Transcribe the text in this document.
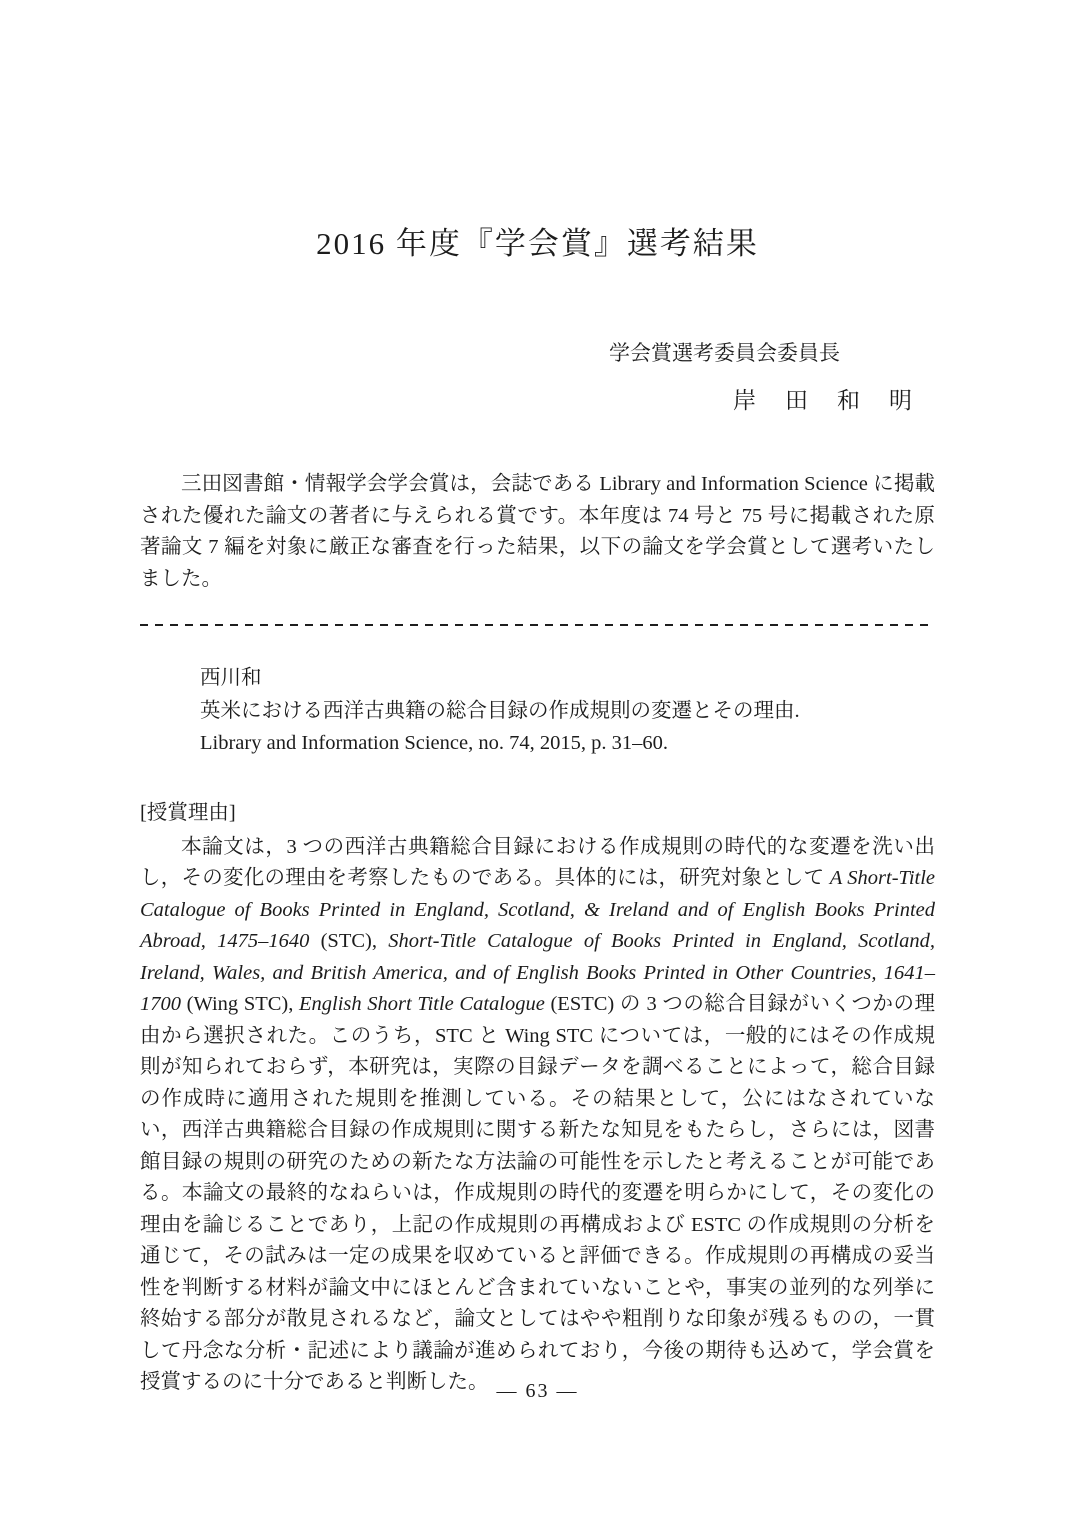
2016 年度『学会賞』選考結果
学会賞選考委員会委員長
岸　田　和　明

三田図書館・情報学会学会賞は，会誌である Library and Information Science に掲載された優れた論文の著者に与えられる賞です。本年度は 74 号と 75 号に掲載された原著論文 7 編を対象に厳正な審査を行った結果，以下の論文を学会賞として選考いたしました。

西川和
英米における西洋古典籍の総合目録の作成規則の変遷とその理由.
Library and Information Science, no. 74, 2015, p. 31–60.
[授賞理由]

本論文は，3 つの西洋古典籍総合目録における作成規則の時代的な変遷を洗い出し，その変化の理由を考察したものである。具体的には，研究対象として A Short-Title Catalogue of Books Printed in England, Scotland, & Ireland and of English Books Printed Abroad, 1475–1640 (STC), Short-Title Catalogue of Books Printed in England, Scotland, Ireland, Wales, and British America, and of English Books Printed in Other Countries, 1641–1700 (Wing STC), English Short Title Catalogue (ESTC) の 3 つの総合目録がいくつかの理由から選択された。このうち，STC と Wing STC については，一般的にはその作成規則が知られておらず，本研究は，実際の目録データを調べることによって，総合目録の作成時に適用された規則を推測している。その結果として，公にはなされていない，西洋古典籍総合目録の作成規則に関する新たな知見をもたらし，さらには，図書館目録の規則の研究のための新たな方法論の可能性を示したと考えることが可能である。本論文の最終的なねらいは，作成規則の時代的変遷を明らかにして，その変化の理由を論じることであり，上記の作成規則の再構成および ESTC の作成規則の分析を通じて，その試みは一定の成果を収めていると評価できる。作成規則の再構成の妥当性を判断する材料が論文中にほとんど含まれていないことや，事実の並列的な列挙に終始する部分が散見されるなど，論文としてはやや粗削りな印象が残るものの，一貫して丹念な分析・記述により議論が進められており，今後の期待も込めて，学会賞を授賞するのに十分であると判断した。 — 63 —
